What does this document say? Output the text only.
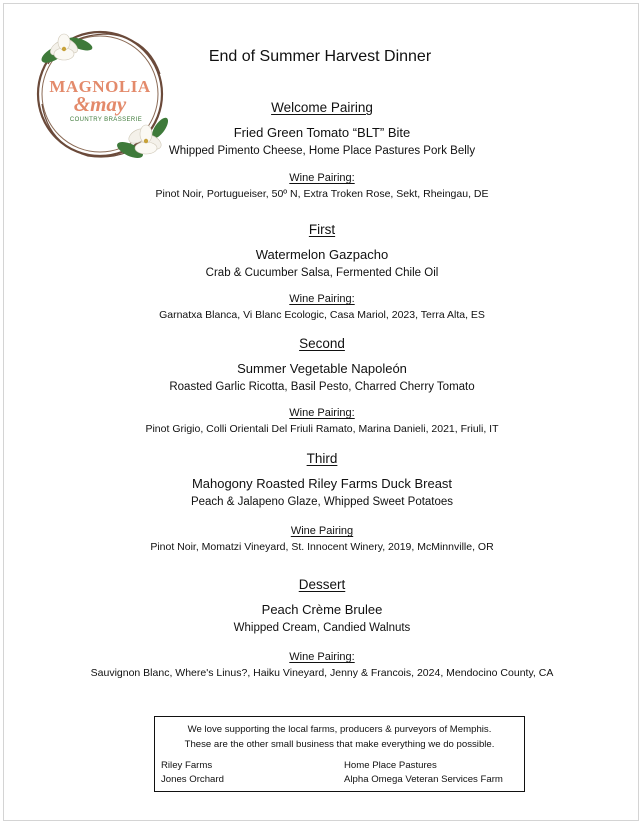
MAGNOLIA
&may
COUNTRY BRASSERIE
End of Summer Harvest Dinner
Welcome Pairing
Fried Green Tomato “BLT” Bite
Whipped Pimento Cheese, Home Place Pastures Pork Belly
Wine Pairing:
Pinot Noir, Portugueiser, 50º N, Extra Troken Rose, Sekt, Rheingau, DE
First
Watermelon Gazpacho
Crab & Cucumber Salsa, Fermented Chile Oil
Wine Pairing:
Garnatxa Blanca, Vi Blanc Ecologic, Casa Mariol, 2023, Terra Alta, ES
Second
Summer Vegetable Napoleón
Roasted Garlic Ricotta, Basil Pesto, Charred Cherry Tomato
Wine Pairing:
Pinot Grigio, Colli Orientali Del Friuli Ramato, Marina Danieli, 2021, Friuli, IT
Third
Mahogony Roasted Riley Farms Duck Breast
Peach & Jalapeno Glaze, Whipped Sweet Potatoes
Wine Pairing
Pinot Noir, Momatzi Vineyard, St. Innocent Winery, 2019, McMinnville, OR
Dessert
Peach Crème Brulee
Whipped Cream, Candied Walnuts
Wine Pairing:
Sauvignon Blanc, Where's Linus?, Haiku Vineyard, Jenny & Francois, 2024, Mendocino County, CA
We love supporting the local farms, producers & purveyors of Memphis.
These are the other small business that make everything we do possible.
Riley Farms
Jones Orchard
Home Place Pastures
Alpha Omega Veteran Services Farm
